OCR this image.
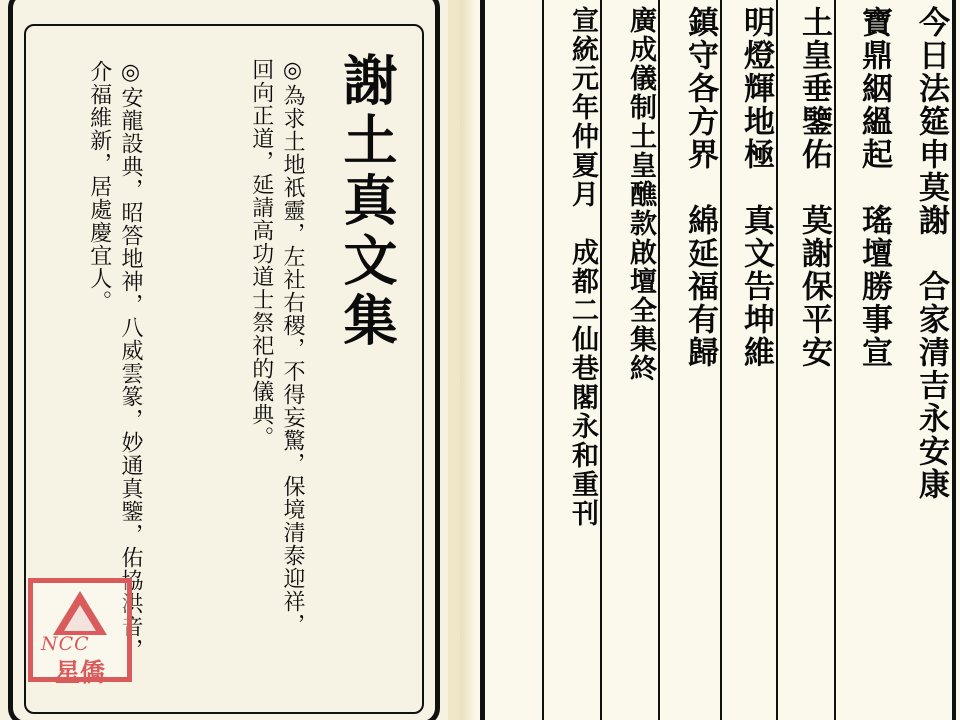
謝土真文集
◎為求土地祇靈，左社右稷，不得妄驚，保境清泰迎祥，回向正道，延請高功道士祭祀的儀典。
◎安龍設典，昭答地神，八威雲篆，妙通真鑒，佑協洪音，介福維新，居處慶宜人。
NCC
星僑
今日法筵申莫謝　合家清吉永安康
寶鼎絪縕起　瑤壇勝事宣
土皇垂鑒佑　莫謝保平安
明燈輝地極　真文告坤維
鎮守各方界　綿延福有歸
廣成儀制土皇醮款啟壇全集終
宣統元年仲夏月　成都二仙巷閣永和重刊
